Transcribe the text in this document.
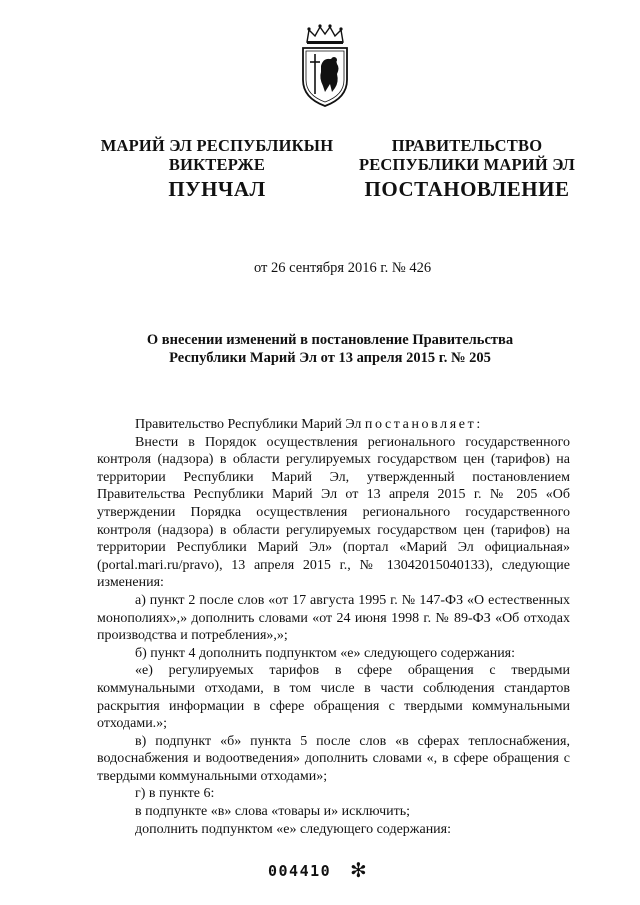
МАРИЙ ЭЛ РЕСПУБЛИКЫН
ВИКТЕРЖЕ
ПУНЧАЛ
ПРАВИТЕЛЬСТВО
РЕСПУБЛИКИ МАРИЙ ЭЛ
ПОСТАНОВЛЕНИЕ
от 26 сентября 2016 г. № 426
О внесении изменений в постановление Правительства
Республики Марий Эл от 13 апреля 2015 г. № 205

Правительство Республики Марий Эл постановляет:

Внести в Порядок осуществления регионального государственного контроля (надзора) в области регулируемых государством цен (тарифов) на территории Республики Марий Эл, утвержденный постановлением Правительства Республики Марий Эл от 13 апреля 2015 г. № 205 «Об утверждении Порядка осуществления регионального государственного контроля (надзора) в области регулируемых государством цен (тарифов) на территории Республики Марий Эл» (портал «Марий Эл официальная» (portal.mari.ru/pravo), 13 апреля 2015 г., № 13042015040133), следующие изменения:

а) пункт 2 после слов «от 17 августа 1995 г. № 147-ФЗ «О естественных монополиях»,» дополнить словами «от 24 июня 1998 г. № 89-ФЗ «Об отходах производства и потребления»,»;

б) пункт 4 дополнить подпунктом «е» следующего содержания:

«е) регулируемых тарифов в сфере обращения с твердыми коммунальными отходами, в том числе в части соблюдения стандартов раскрытия информации в сфере обращения с твердыми коммунальными отходами.»;

в) подпункт «б» пункта 5 после слов «в сферах теплоснабжения, водоснабжения и водоотведения» дополнить словами «, в сфере обращения с твердыми коммунальными отходами»;

г) в пункте 6:

в подпункте «в» слова «товары и» исключить;

дополнить подпунктом «е» следующего содержания:

004410 ✻
